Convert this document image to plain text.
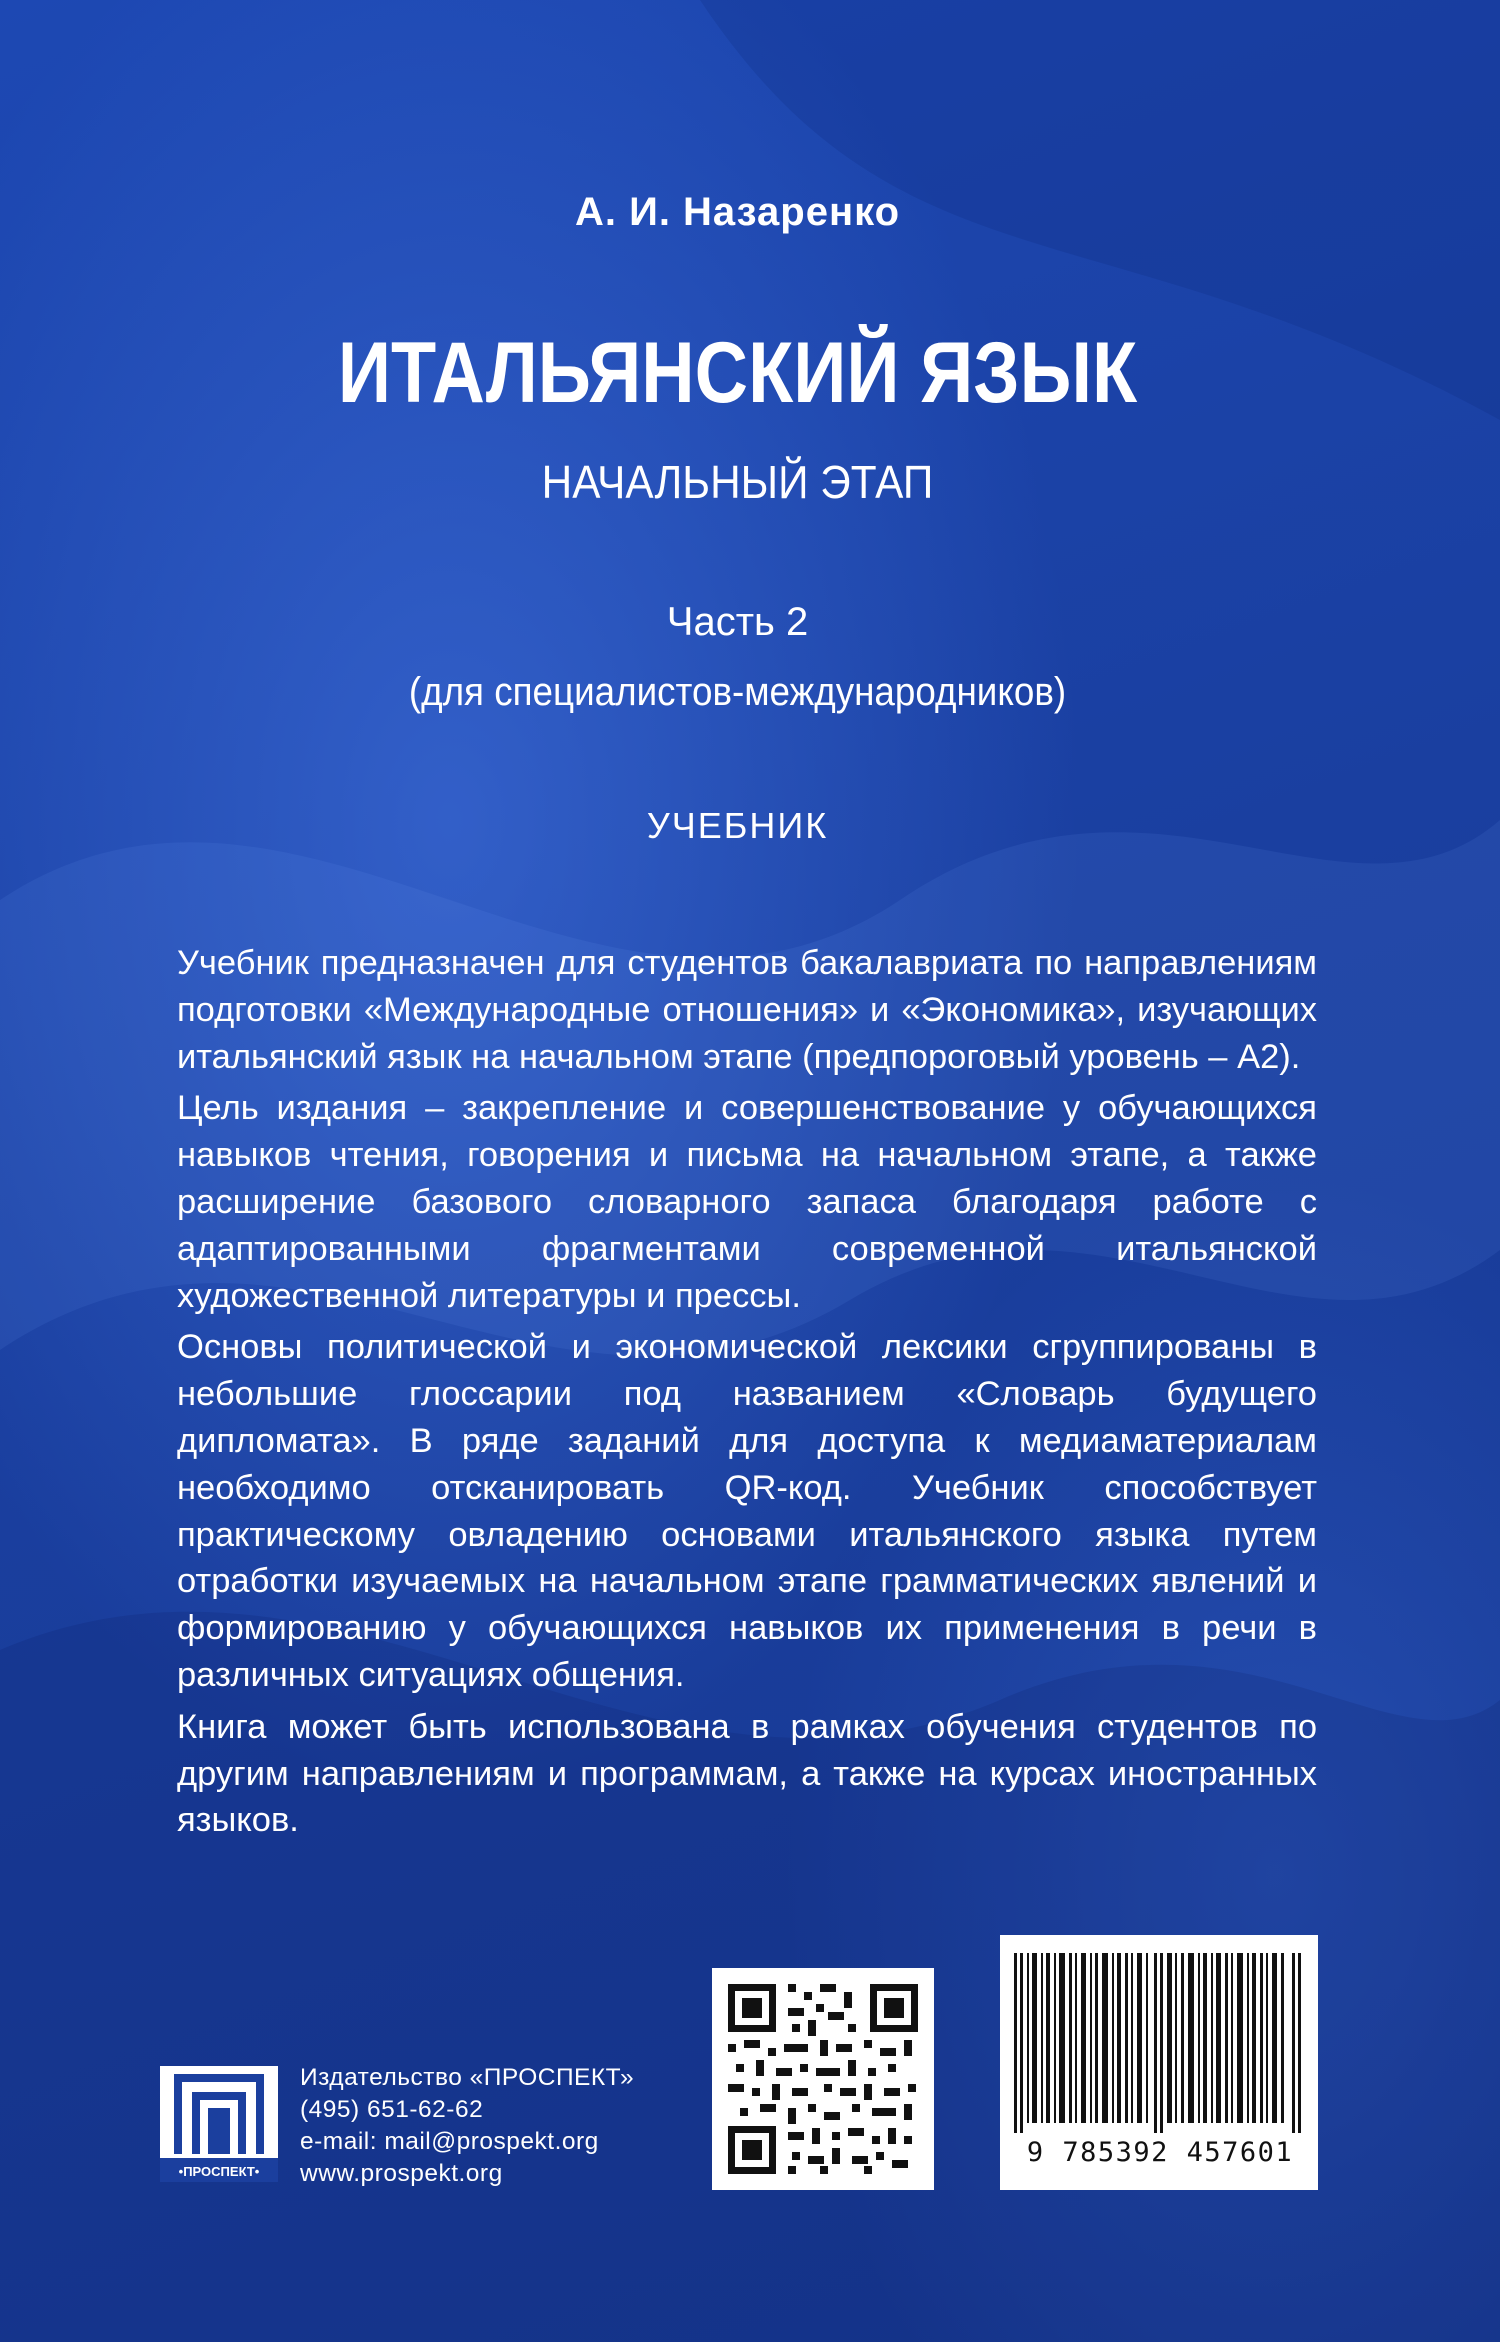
А. И. Назаренко
ИТАЛЬЯНСКИЙ ЯЗЫК
НАЧАЛЬНЫЙ ЭТАП
Часть 2
(для специалистов-международников)
УЧЕБНИК

Учебник предназначен для студентов бакалавриата по направлениям подготовки «Международные отношения» и «Экономика», изучающих итальянский язык на начальном этапе (предпороговый уровень – А2).

Цель издания – закрепление и совершенствование у обучающихся навыков чтения, говорения и письма на начальном этапе, а также расширение базового словарного запаса благодаря работе с адаптированными фрагментами современной итальянской художественной литературы и прессы.

Основы политической и экономической лексики сгруппированы в небольшие глоссарии под названием «Словарь будущего дипломата». В ряде заданий для доступа к медиаматериалам необходимо отсканировать QR-код. Учебник способствует практическому овладению основами итальянского языка путем отработки изучаемых на начальном этапе грамматических явлений и формированию у обучающихся навыков их применения в речи в различных ситуациях общения.

Книга может быть использована в рамках обучения студентов по другим направлениям и программам, а также на курсах иностранных языков.

•ПРОСПЕКТ•
Издательство «ПРОСПЕКТ»
(495) 651-62-62
e-mail: mail@prospekt.org
www.prospekt.org
9 785392 457601
